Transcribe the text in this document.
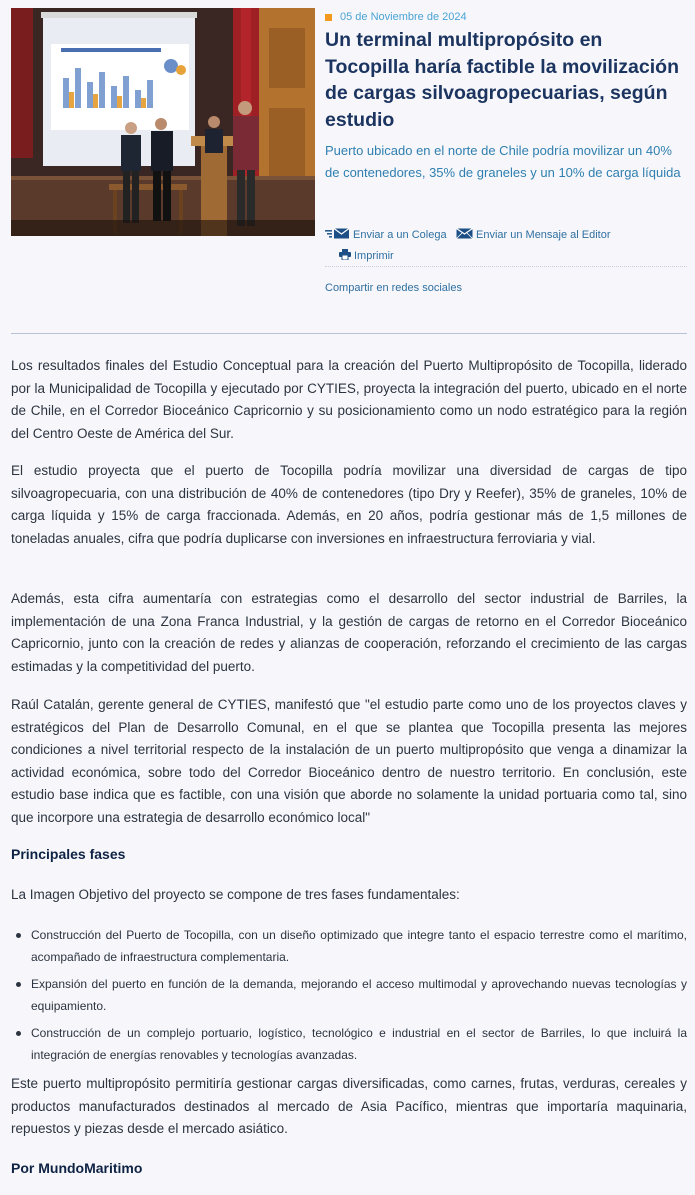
05 de Noviembre de 2024
Un terminal multipropósito en Tocopilla haría factible la movilización de cargas silvoagropecuarias, según estudio

Puerto ubicado en el norte de Chile podría movilizar un 40% de contenedores, 35% de graneles y un 10% de carga líquida

Enviar a un Colega	Enviar un Mensaje al Editor
Imprimir
Compartir en redes sociales

Los resultados finales del Estudio Conceptual para la creación del Puerto Multipropósito de Tocopilla, liderado por la Municipalidad de Tocopilla y ejecutado por CYTIES, proyecta la integración del puerto, ubicado en el norte de Chile, en el Corredor Bioceánico Capricornio y su posicionamiento como un nodo estratégico para la región del Centro Oeste de América del Sur.

El estudio proyecta que el puerto de Tocopilla podría movilizar una diversidad de cargas de tipo silvoagropecuaria, con una distribución de 40% de contenedores (tipo Dry y Reefer), 35% de graneles, 10% de carga líquida y 15% de carga fraccionada. Además, en 20 años, podría gestionar más de 1,5 millones de toneladas anuales, cifra que podría duplicarse con inversiones en infraestructura ferroviaria y vial.

Además, esta cifra aumentaría con estrategias como el desarrollo del sector industrial de Barriles, la implementación de una Zona Franca Industrial, y la gestión de cargas de retorno en el Corredor Bioceánico Capricornio, junto con la creación de redes y alianzas de cooperación, reforzando el crecimiento de las cargas estimadas y la competitividad del puerto.

Raúl Catalán, gerente general de CYTIES, manifestó que "el estudio parte como uno de los proyectos claves y estratégicos del Plan de Desarrollo Comunal, en el que se plantea que Tocopilla presenta las mejores condiciones a nivel territorial respecto de la instalación de un puerto multipropósito que venga a dinamizar la actividad económica, sobre todo del Corredor Bioceánico dentro de nuestro territorio. En conclusión, este estudio base indica que es factible, con una visión que aborde no solamente la unidad portuaria como tal, sino que incorpore una estrategia de desarrollo económico local"

Principales fases

La Imagen Objetivo del proyecto se compone de tres fases fundamentales:

Construcción del Puerto de Tocopilla, con un diseño optimizado que integre tanto el espacio terrestre como el marítimo, acompañado de infraestructura complementaria.
Expansión del puerto en función de la demanda, mejorando el acceso multimodal y aprovechando nuevas tecnologías y equipamiento.
Construcción de un complejo portuario, logístico, tecnológico e industrial en el sector de Barriles, lo que incluirá la integración de energías renovables y tecnologías avanzadas.

Este puerto multipropósito permitiría gestionar cargas diversificadas, como carnes, frutas, verduras, cereales y productos manufacturados destinados al mercado de Asia Pacífico, mientras que importaría maquinaria, repuestos y piezas desde el mercado asiático.

Por MundoMaritimo
